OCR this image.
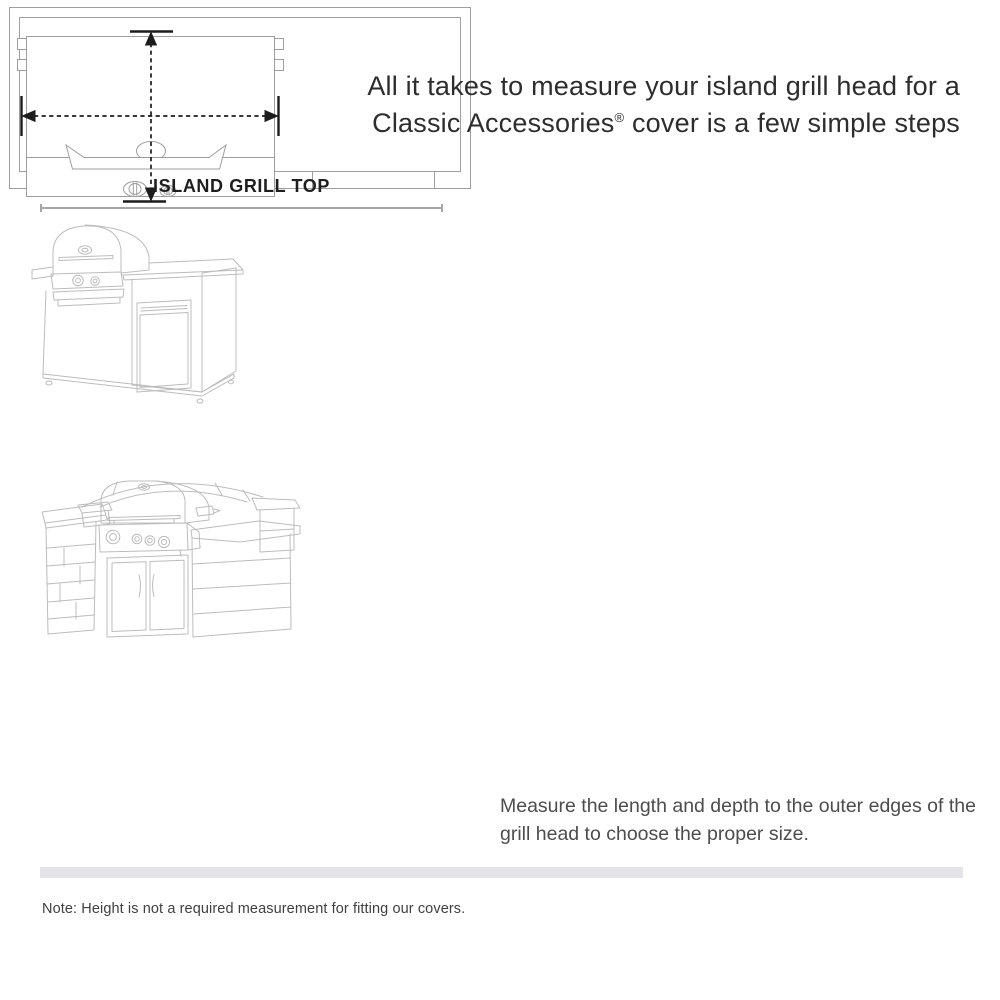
All it takes to measure your island grill head for a
Classic Accessories® cover is a few simple steps
ISLAND GRILL TOP
Measure the length and depth to the outer edges of the grill head to choose the proper size.
Note: Height is not a required measurement for fitting our covers.
